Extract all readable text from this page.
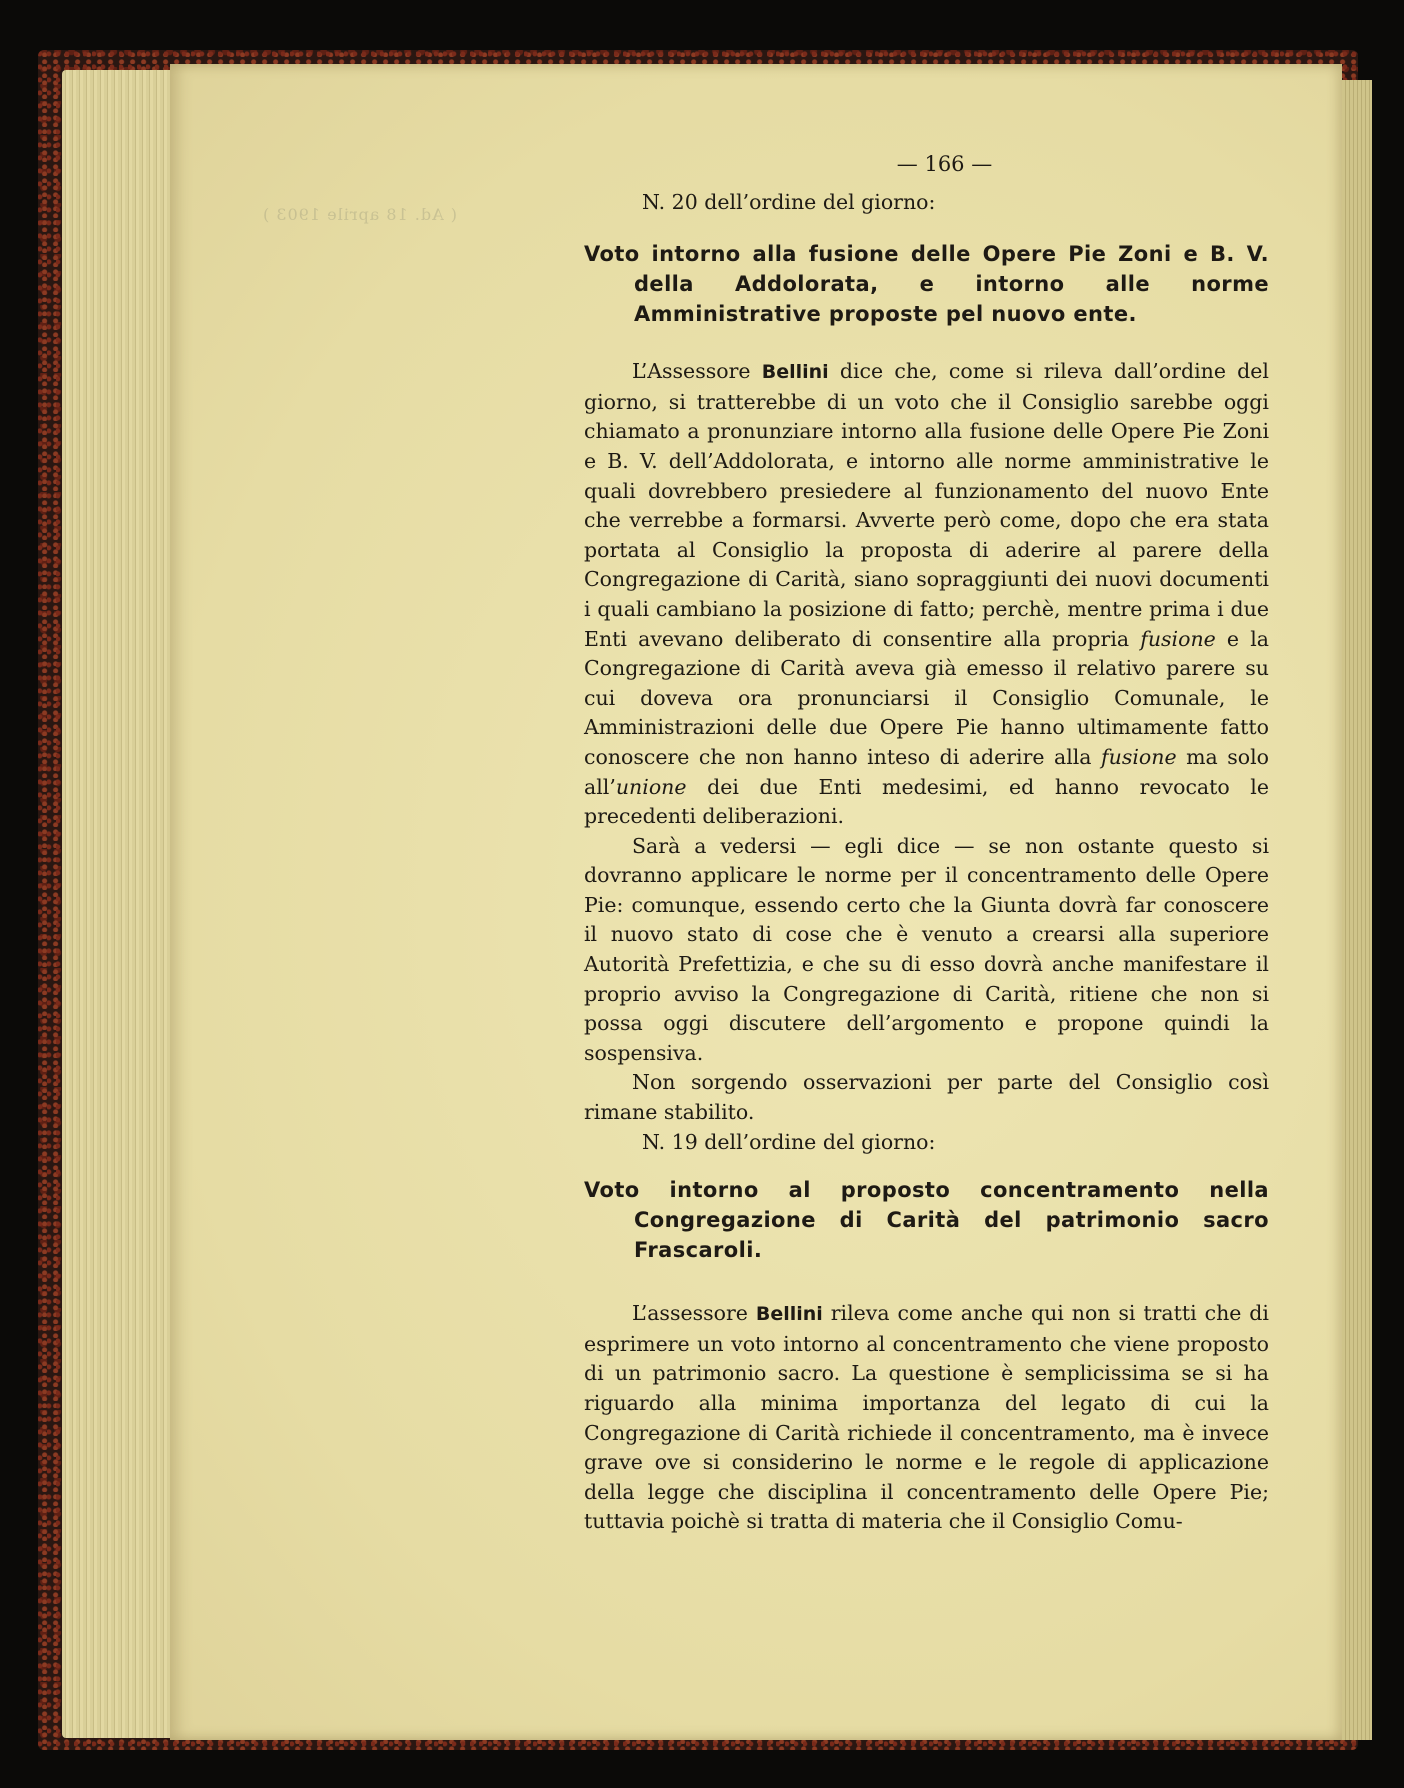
( Ad. 18 aprile 1903 )
— 166 —
N. 20 dell’ordine del giorno:
Voto intorno alla fusione delle Opere Pie Zoni e B. V. della Addolorata, e intorno alle norme Amministrative proposte pel nuovo ente.

L’Assessore Bellini dice che, come si rileva dall’ordine del giorno, si tratterebbe di un voto che il Consiglio sarebbe oggi chiamato a pronunziare intorno alla fusione delle Opere Pie Zoni e B. V. dell’Addolorata, e intorno alle norme amministrative le quali dovrebbero presiedere al funzionamento del nuovo Ente che verrebbe a formarsi. Avverte però come, dopo che era stata portata al Consiglio la proposta di aderire al parere della Congregazione di Carità, siano sopraggiunti dei nuovi documenti i quali cambiano la posizione di fatto; perchè, mentre prima i due Enti avevano deliberato di consentire alla propria fusione e la Congregazione di Carità aveva già emesso il relativo parere su cui doveva ora pronunciarsi il Consiglio Comunale, le Amministrazioni delle due Opere Pie hanno ultimamente fatto conoscere che non hanno inteso di aderire alla fusione ma solo all’unione dei due Enti medesimi, ed hanno revocato le precedenti deliberazioni.

Sarà a vedersi — egli dice — se non ostante questo si dovranno applicare le norme per il concentramento delle Opere Pie: comunque, essendo certo che la Giunta dovrà far conoscere il nuovo stato di cose che è venuto a crearsi alla superiore Autorità Prefettizia, e che su di esso dovrà anche manifestare il proprio avviso la Congregazione di Carità, ritiene che non si possa oggi discutere dell’argomento e propone quindi la sospensiva.

Non sorgendo osservazioni per parte del Consiglio così rimane stabilito.

N. 19 dell’ordine del giorno:
Voto intorno al proposto concentramento nella Congregazione di Carità del patrimonio sacro Frascaroli.

L’assessore Bellini rileva come anche qui non si tratti che di esprimere un voto intorno al concentramento che viene proposto di un patrimonio sacro. La questione è semplicissima se si ha riguardo alla minima importanza del legato di cui la Congregazione di Carità richiede il concentramento, ma è invece grave ove si considerino le norme e le regole di applicazione della legge che disciplina il concentramento delle Opere Pie; tuttavia poichè si tratta di materia che il Consiglio Comu-
